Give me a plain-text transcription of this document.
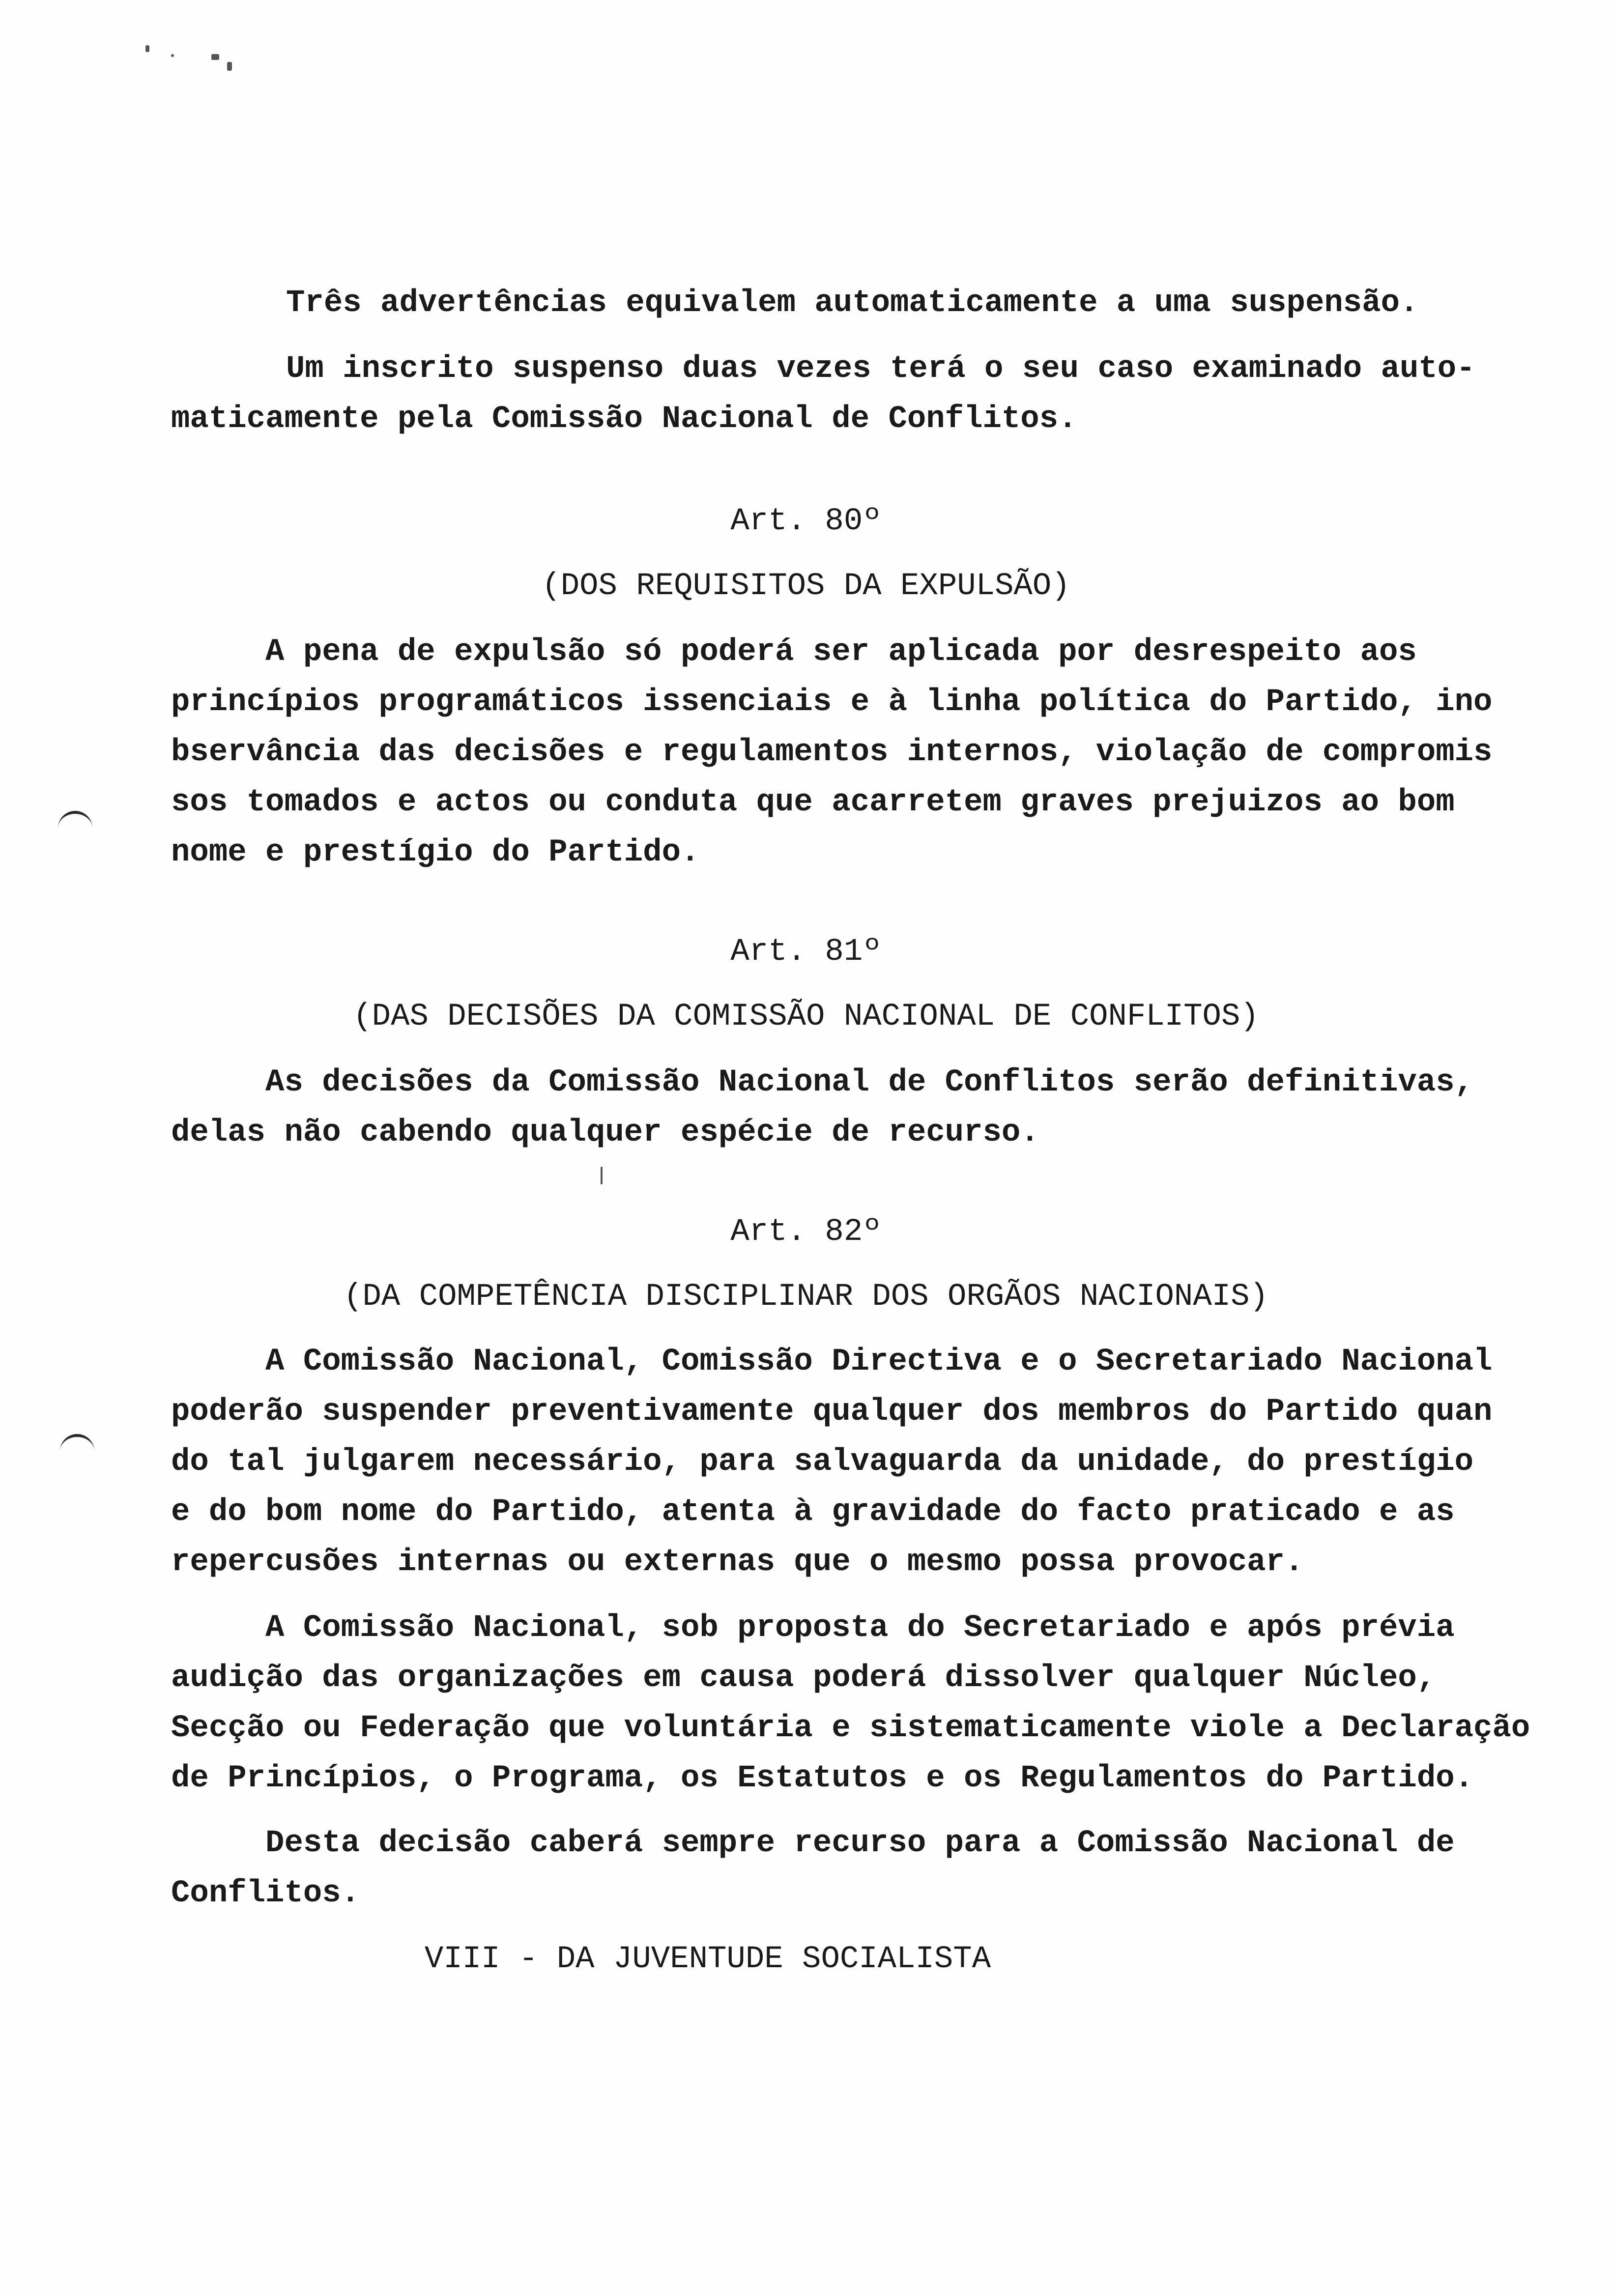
Três advertências equivalem automaticamente a uma suspensão.

Um inscrito suspenso duas vezes terá o seu caso examinado auto-

maticamente pela Comissão Nacional de Conflitos.

Art. 80º

(DOS REQUISITOS DA EXPULSÃO)

A pena de expulsão só poderá ser aplicada por desrespeito aos

princípios programáticos issenciais e à linha política do Partido, ino

bservância das decisões e regulamentos internos, violação de compromis

sos tomados e actos ou conduta que acarretem graves prejuizos ao bom

nome e prestígio do Partido.

Art. 81º

(DAS DECISÕES DA COMISSÃO NACIONAL DE CONFLITOS)

As decisões da Comissão Nacional de Conflitos serão definitivas,

delas não cabendo qualquer espécie de recurso.

Art. 82º

(DA COMPETÊNCIA DISCIPLINAR DOS ORGÃOS NACIONAIS)

A Comissão Nacional, Comissão Directiva e o Secretariado Nacional

poderão suspender preventivamente qualquer dos membros do Partido quan

do tal julgarem necessário, para salvaguarda da unidade, do prestígio

e do bom nome do Partido, atenta à gravidade do facto praticado e as

repercusões internas ou externas que o mesmo possa provocar.

A Comissão Nacional, sob proposta do Secretariado e após prévia

audição das organizações em causa poderá dissolver qualquer Núcleo,

Secção ou Federação que voluntária e sistematicamente viole a Declaração

de Princípios, o Programa, os Estatutos e os Regulamentos do Partido.

Desta decisão caberá sempre recurso para a Comissão Nacional de

Conflitos.

VIII - DA JUVENTUDE SOCIALISTA
